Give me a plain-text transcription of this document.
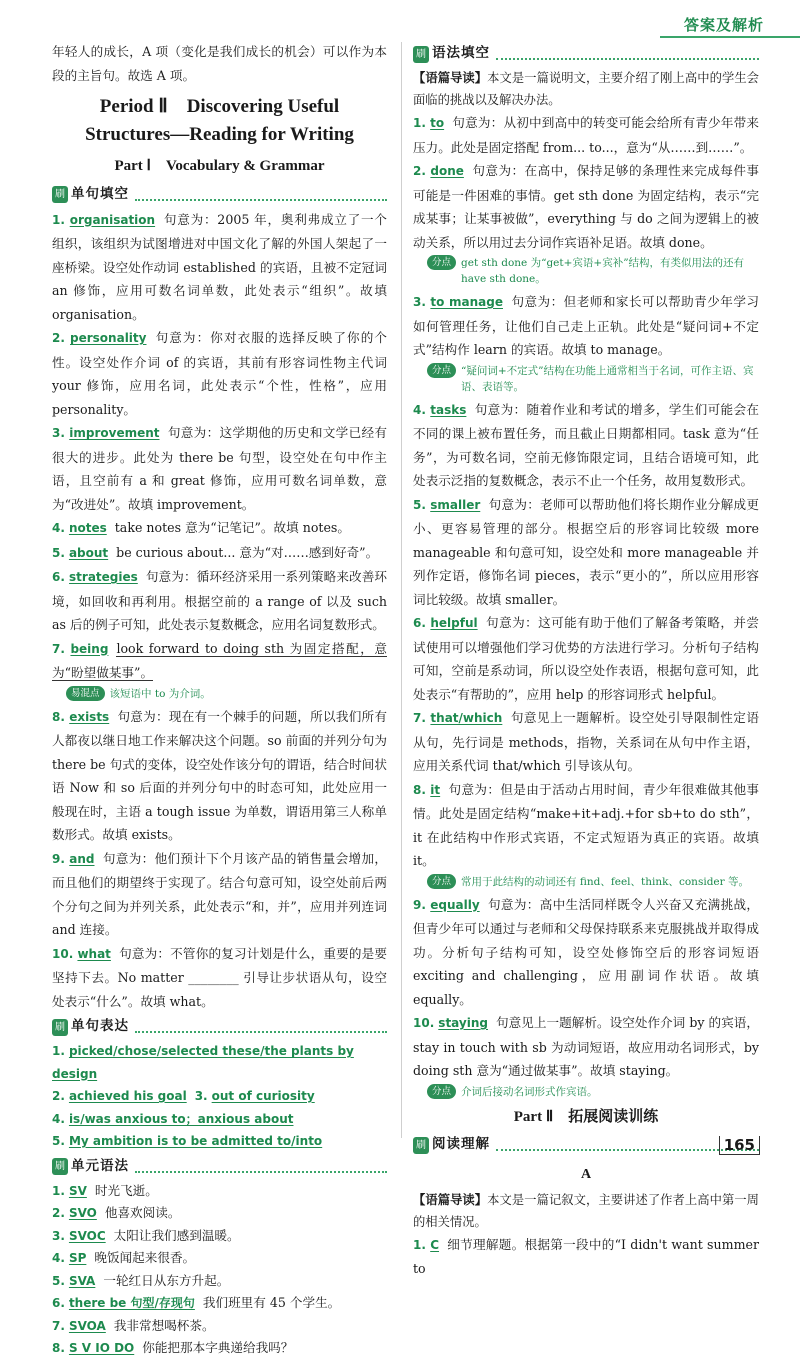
答案及解析

年轻人的成长，A 项（变化是我们成长的机会）可以作为本段的主旨句。故选 A 项。

Period Ⅱ　Discovering Useful
Structures—Reading for Writing
Part Ⅰ　Vocabulary & Grammar
刷 单句填空

1. organisation 句意为：2005 年，奥利弗成立了一个组织，该组织为试图增进对中国文化了解的外国人架起了一座桥梁。设空处作动词 established 的宾语，且被不定冠词 an 修饰，应用可数名词单数，此处表示“组织”。故填 organisation。

2. personality 句意为：你对衣服的选择反映了你的个性。设空处作介词 of 的宾语，其前有形容词性物主代词 your 修饰，应用名词，此处表示“个性，性格”，应用 personality。

3. improvement 句意为：这学期他的历史和文学已经有很大的进步。此处为 there be 句型，设空处在句中作主语，且空前有 a 和 great 修饰，应用可数名词单数，意为“改进处”。故填 improvement。

4. notes take notes 意为“记笔记”。故填 notes。

5. about be curious about... 意为“对……感到好奇”。

6. strategies 句意为：循环经济采用一系列策略来改善环境，如回收和再利用。根据空前的 a range of 以及 such as 后的例子可知，此处表示复数概念，应用名词复数形式。

7. being look forward to doing sth 为固定搭配，意为“盼望做某事”。

易混点 该短语中 to 为介词。

8. exists 句意为：现在有一个棘手的问题，所以我们所有人都夜以继日地工作来解决这个问题。so 前面的并列分句为 there be 句式的变体，设空处作该分句的谓语，结合时间状语 Now 和 so 后面的并列分句中的时态可知，此处应用一般现在时，主语 a tough issue 为单数，谓语用第三人称单数形式。故填 exists。

9. and 句意为：他们预计下个月该产品的销售量会增加，而且他们的期望终于实现了。结合句意可知，设空处前后两个分句之间为并列关系，此处表示“和，并”，应用并列连词 and 连接。

10. what 句意为：不管你的复习计划是什么，重要的是要坚持下去。No matter ________ 引导让步状语从句，设空处表示“什么”。故填 what。

刷 单句表达
1. picked/chose/selected these/the plants by design
2. achieved his goal 3. out of curiosity
4. is/was anxious to；anxious about
5. My ambition is to be admitted to/into
刷 单元语法
1. SV 时光飞逝。
2. SVO 他喜欢阅读。
3. SVOC 太阳让我们感到温暖。
4. SP 晚饭闻起来很香。
5. SVA 一轮红日从东方升起。
6. there be 句型/存现句 我们班里有 45 个学生。
7. SVOA 我非常想喝杯茶。
8. S V IO DO 你能把那本字典递给我吗？
刷 语法填空

【语篇导读】本文是一篇说明文，主要介绍了刚上高中的学生会面临的挑战以及解决办法。

1. to 句意为：从初中到高中的转变可能会给所有青少年带来压力。此处是固定搭配 from... to...，意为“从……到……”。

2. done 句意为：在高中，保持足够的条理性来完成每件事可能是一件困难的事情。get sth done 为固定结构，表示“完成某事；让某事被做”，everything 与 do 之间为逻辑上的被动关系，所以用过去分词作宾语补足语。故填 done。

分点 get sth done 为“get+宾语+宾补”结构，有类似用法的还有 have sth done。

3. to manage 句意为：但老师和家长可以帮助青少年学习如何管理任务，让他们自己走上正轨。此处是“疑问词+不定式”结构作 learn 的宾语。故填 to manage。

分点 “疑问词+不定式”结构在功能上通常相当于名词，可作主语、宾语、表语等。

4. tasks 句意为：随着作业和考试的增多，学生们可能会在不同的课上被布置任务，而且截止日期都相同。task 意为“任务”，为可数名词，空前无修饰限定词，且结合语境可知，此处表示泛指的复数概念，表示不止一个任务，故用复数形式。

5. smaller 句意为：老师可以帮助他们将长期作业分解成更小、更容易管理的部分。根据空后的形容词比较级 more manageable 和句意可知，设空处和 more manageable 并列作定语，修饰名词 pieces，表示“更小的”，所以应用形容词比较级。故填 smaller。

6. helpful 句意为：这可能有助于他们了解备考策略，并尝试使用可以增强他们学习优势的方法进行学习。分析句子结构可知，空前是系动词，所以设空处作表语，根据句意可知，此处表示“有帮助的”，应用 help 的形容词形式 helpful。

7. that/which 句意见上一题解析。设空处引导限制性定语从句，先行词是 methods，指物，关系词在从句中作主语，应用关系代词 that/which 引导该从句。

8. it 句意为：但是由于活动占用时间，青少年很难做其他事情。此处是固定结构“make+it+adj.+for sb+to do sth”，it 在此结构中作形式宾语，不定式短语为真正的宾语。故填 it。

分点 常用于此结构的动词还有 find、feel、think、consider 等。

9. equally 句意为：高中生活同样既令人兴奋又充满挑战，但青少年可以通过与老师和父母保持联系来克服挑战并取得成功。分析句子结构可知，设空处修饰空后的形容词短语 exciting and challenging，应用副词作状语。故填 equally。

10. staying 句意见上一题解析。设空处作介词 by 的宾语，stay in touch with sb 为动词短语，故应用动名词形式，by doing sth 意为“通过做某事”。故填 staying。

分点 介词后接动名词形式作宾语。
Part Ⅱ　拓展阅读训练
刷 阅读理解
A

【语篇导读】本文是一篇记叙文，主要讲述了作者上高中第一周的相关情况。

1. C 细节理解题。根据第一段中的“I didn't want summer to

165
